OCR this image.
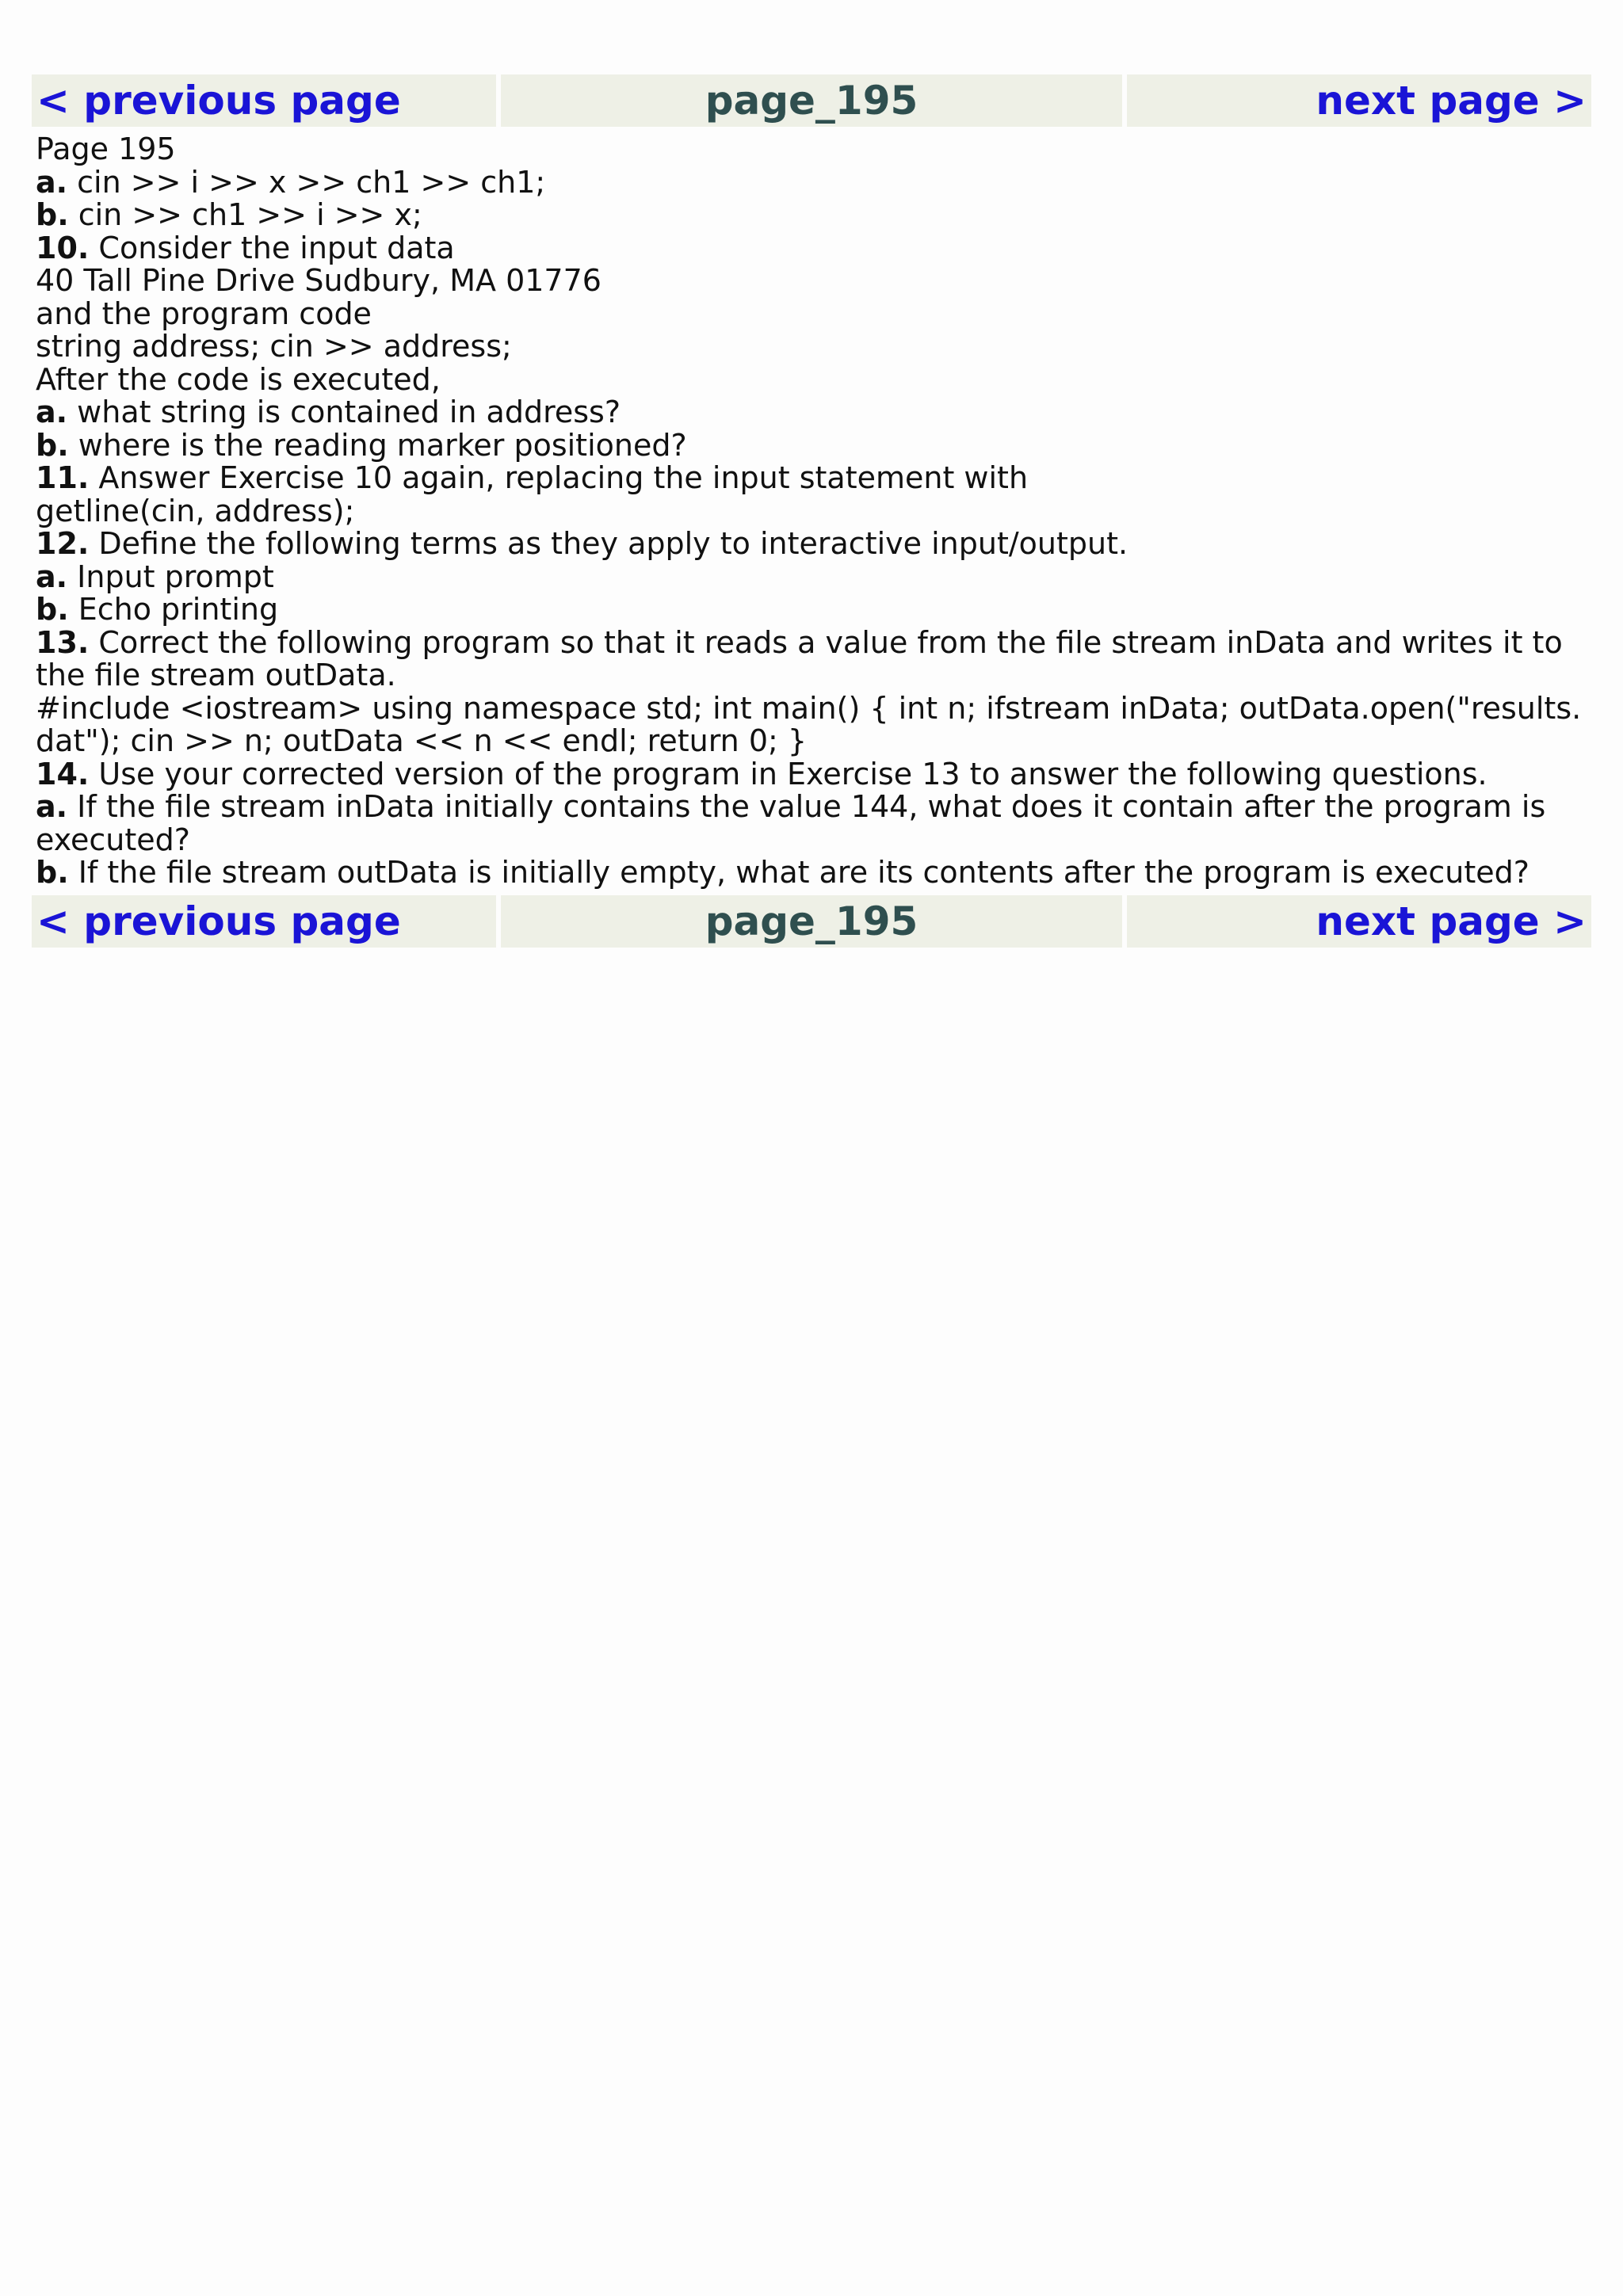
< previous page	page_195	next page >
Page 195
a. cin >> i >> x >> ch1 >> ch1;
b. cin >> ch1 >> i >> x;
10. Consider the input data
40 Tall Pine Drive Sudbury, MA 01776
and the program code
string address; cin >> address;
After the code is executed,
a. what string is contained in address?
b. where is the reading marker positioned?
11. Answer Exercise 10 again, replacing the input statement with
getline(cin, address);
12. Define the following terms as they apply to interactive input/output.
a. Input prompt
b. Echo printing
13. Correct the following program so that it reads a value from the file stream inData and writes it to the file stream outData.
#include <iostream> using namespace std; int main() { int n; ifstream inData; outData.open("results. dat"); cin >> n; outData << n << endl; return 0; }
14. Use your corrected version of the program in Exercise 13 to answer the following questions.
a. If the file stream inData initially contains the value 144, what does it contain after the program is executed?
b. If the file stream outData is initially empty, what are its contents after the program is executed?
< previous page	page_195	next page >
